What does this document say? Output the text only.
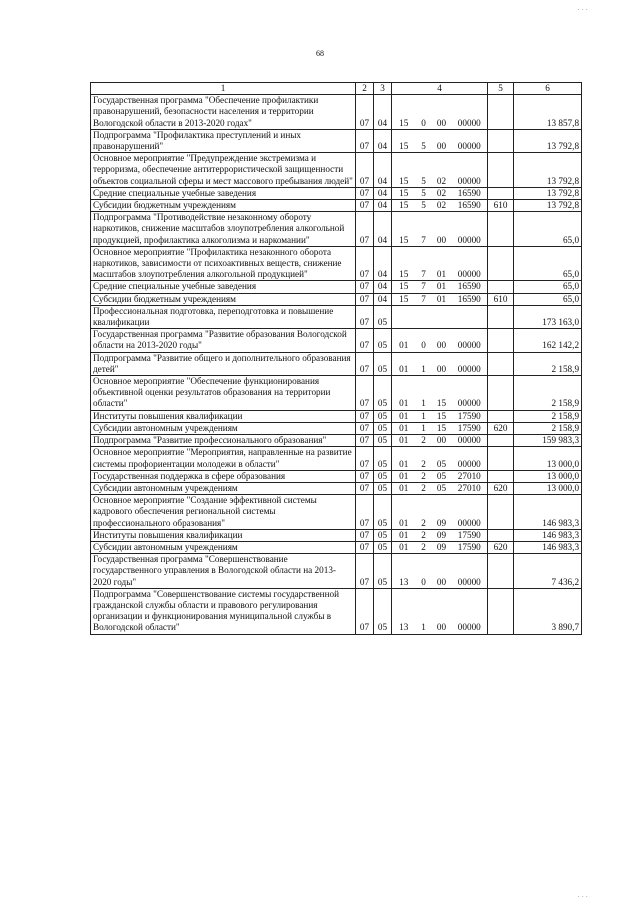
68
1	2	3	4				5	6
Государственная программа "Обеспечение профилактики правонарушений, безопасности населения и территории Вологодской области в 2013-2020 годах"	07	04	15	0	00	00000		13 857,8
Подпрограмма "Профилактика преступлений и иных правонарушений"	07	04	15	5	00	00000		13 792,8
Основное мероприятие "Предупреждение экстремизма и терроризма, обеспечение антитеррористической защищенности объектов социальной сферы и мест массового пребывания людей"	07	04	15	5	02	00000		13 792,8
Средние специальные учебные заведения	07	04	15	5	02	16590		13 792,8
Субсидии бюджетным учреждениям	07	04	15	5	02	16590	610	13 792,8
Подпрограмма "Противодействие незаконному обороту наркотиков, снижение масштабов злоупотребления алкогольной продукцией, профилактика алкоголизма и наркомании"	07	04	15	7	00	00000		65,0
Основное мероприятие "Профилактика незаконного оборота наркотиков, зависимости от психоактивных веществ, снижение масштабов злоупотребления алкогольной продукцией"	07	04	15	7	01	00000		65,0
Средние специальные учебные заведения	07	04	15	7	01	16590		65,0
Субсидии бюджетным учреждениям	07	04	15	7	01	16590	610	65,0
Профессиональная подготовка, переподготовка и повышение квалификации	07	05						173 163,0
Государственная программа "Развитие образования Вологодской области на 2013-2020 годы"	07	05	01	0	00	00000		162 142,2
Подпрограмма "Развитие общего и дополнительного образования детей"	07	05	01	1	00	00000		2 158,9
Основное мероприятие "Обеспечение функционирования объективной оценки результатов образования на территории области"	07	05	01	1	15	00000		2 158,9
Институты повышения квалификации	07	05	01	1	15	17590		2 158,9
Субсидии автономным учреждениям	07	05	01	1	15	17590	620	2 158,9
Подпрограмма "Развитие профессионального образования"	07	05	01	2	00	00000		159 983,3
Основное мероприятие "Мероприятия, направленные на развитие системы профориентации молодежи в области"	07	05	01	2	05	00000		13 000,0
Государственная поддержка в сфере образования	07	05	01	2	05	27010		13 000,0
Субсидии автономным учреждениям	07	05	01	2	05	27010	620	13 000,0
Основное мероприятие "Создание эффективной системы кадрового обеспечения региональной системы профессионального образования"	07	05	01	2	09	00000		146 983,3
Институты повышения квалификации	07	05	01	2	09	17590		146 983,3
Субсидии автономным учреждениям	07	05	01	2	09	17590	620	146 983,3
Государственная программа "Совершенствование государственного управления в Вологодской области на 2013-2020 годы"	07	05	13	0	00	00000		7 436,2
Подпрограмма "Совершенствование системы государственной гражданской службы области и правового регулирования организации и функционирования муниципальной службы в Вологодской области"	07	05	13	1	00	00000		3 890,7
· · ·
· · ·
